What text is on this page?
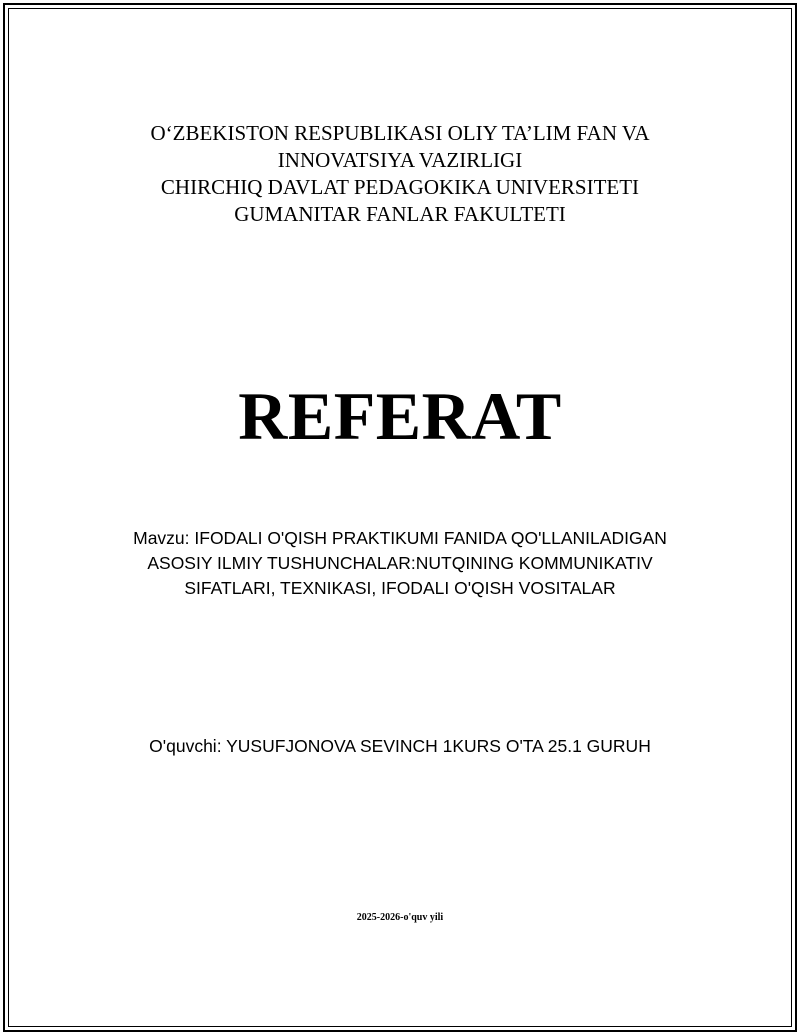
O‘ZBEKISTON RESPUBLIKASI OLIY TA’LIM FAN VA
INNOVATSIYA VAZIRLIGI
CHIRCHIQ DAVLAT PEDAGOKIKA UNIVERSITETI
GUMANITAR FANLAR FAKULTETI
REFERAT
Mavzu: IFODALI O'QISH PRAKTIKUMI FANIDA QO'LLANILADIGAN
ASOSIY ILMIY TUSHUNCHALAR:NUTQINING KOMMUNIKATIV
SIFATLARI, TEXNIKASI, IFODALI O'QISH VOSITALAR
O'quvchi: YUSUFJONOVA SEVINCH 1KURS O'TA 25.1 GURUH
2025-2026-o'quv yili
